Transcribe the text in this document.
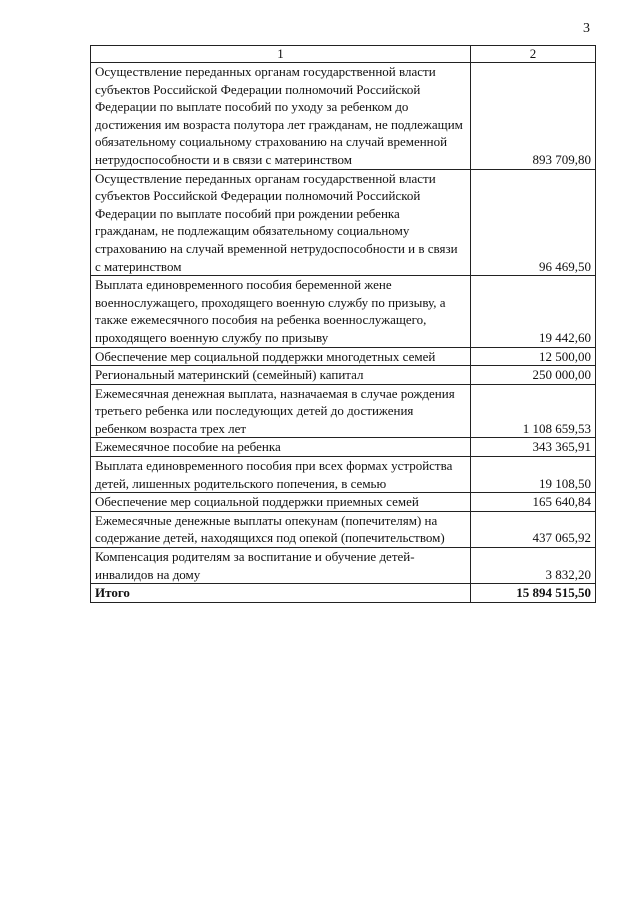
3
1	2
Осуществление переданных органам государственной власти субъектов Российской Федерации полномочий Российской Федерации по выплате пособий по уходу за ребенком до достижения им возраста полутора лет гражданам, не подлежащим обязательному социальному страхованию на случай временной нетрудоспособности и в связи с материнством	893 709,80
Осуществление переданных органам государственной власти субъектов Российской Федерации полномочий Российской Федерации по выплате пособий при рождении ребенка гражданам, не подлежащим обязательному социальному страхованию на случай временной нетрудоспособности и в связи с материнством	96 469,50
Выплата единовременного пособия беременной жене военнослужащего, проходящего военную службу по призыву, а также ежемесячного пособия на ребенка военнослужащего, проходящего военную службу по призыву	19 442,60
Обеспечение мер социальной поддержки многодетных семей	12 500,00
Региональный материнский (семейный) капитал	250 000,00
Ежемесячная денежная выплата, назначаемая в случае рождения третьего ребенка или последующих детей до достижения ребенком возраста трех лет	1 108 659,53
Ежемесячное пособие на ребенка	343 365,91
Выплата единовременного пособия при всех формах устройства детей, лишенных родительского попечения, в семью	19 108,50
Обеспечение мер социальной поддержки приемных семей	165 640,84
Ежемесячные денежные выплаты опекунам (попечителям) на содержание детей, находящихся под опекой (попечительством)	437 065,92
Компенсация родителям за воспитание и обучение детей-инвалидов на дому	3 832,20
Итого	15 894 515,50
